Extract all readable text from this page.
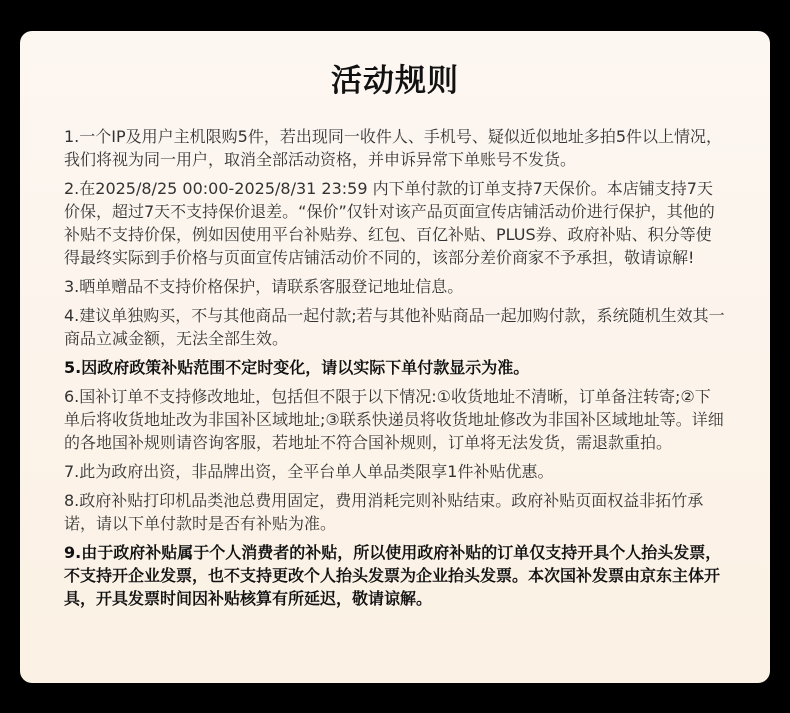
活动规则

1.一个IP及用户主机限购5件，若出现同一收件人、手机号、疑似近似地址多拍5件以上情况，我们将视为同一用户，取消全部活动资格，并申诉异常下单账号不发货。

2.在2025/8/25 00:00-2025/8/31 23:59 内下单付款的订单支持7天保价。本店铺支持7天价保，超过7天不支持保价退差。“保价”仅针对该产品页面宣传店铺活动价进行保护，其他的补贴不支持价保，例如因使用平台补贴券、红包、百亿补贴、PLUS券、政府补贴、积分等使得最终实际到手价格与页面宣传店铺活动价不同的，该部分差价商家不予承担，敬请谅解!

3.晒单赠品不支持价格保护，请联系客服登记地址信息。

4.建议单独购买，不与其他商品一起付款;若与其他补贴商品一起加购付款，系统随机生效其一商品立减金额，无法全部生效。

5.因政府政策补贴范围不定时变化，请以实际下单付款显示为准。

6.国补订单不支持修改地址，包括但不限于以下情况:①收货地址不清晰，订单备注转寄;②下单后将收货地址改为非国补区域地址;③联系快递员将收货地址修改为非国补区域地址等。详细的各地国补规则请咨询客服，若地址不符合国补规则，订单将无法发货，需退款重拍。

7.此为政府出资，非品牌出资，全平台单人单品类限享1件补贴优惠。

8.政府补贴打印机品类池总费用固定，费用消耗完则补贴结束。政府补贴页面权益非拓竹承诺，请以下单付款时是否有补贴为准。

9.由于政府补贴属于个人消费者的补贴，所以使用政府补贴的订单仅支持开具个人抬头发票，不支持开企业发票，也不支持更改个人抬头发票为企业抬头发票。本次国补发票由京东主体开具，开具发票时间因补贴核算有所延迟，敬请谅解。
